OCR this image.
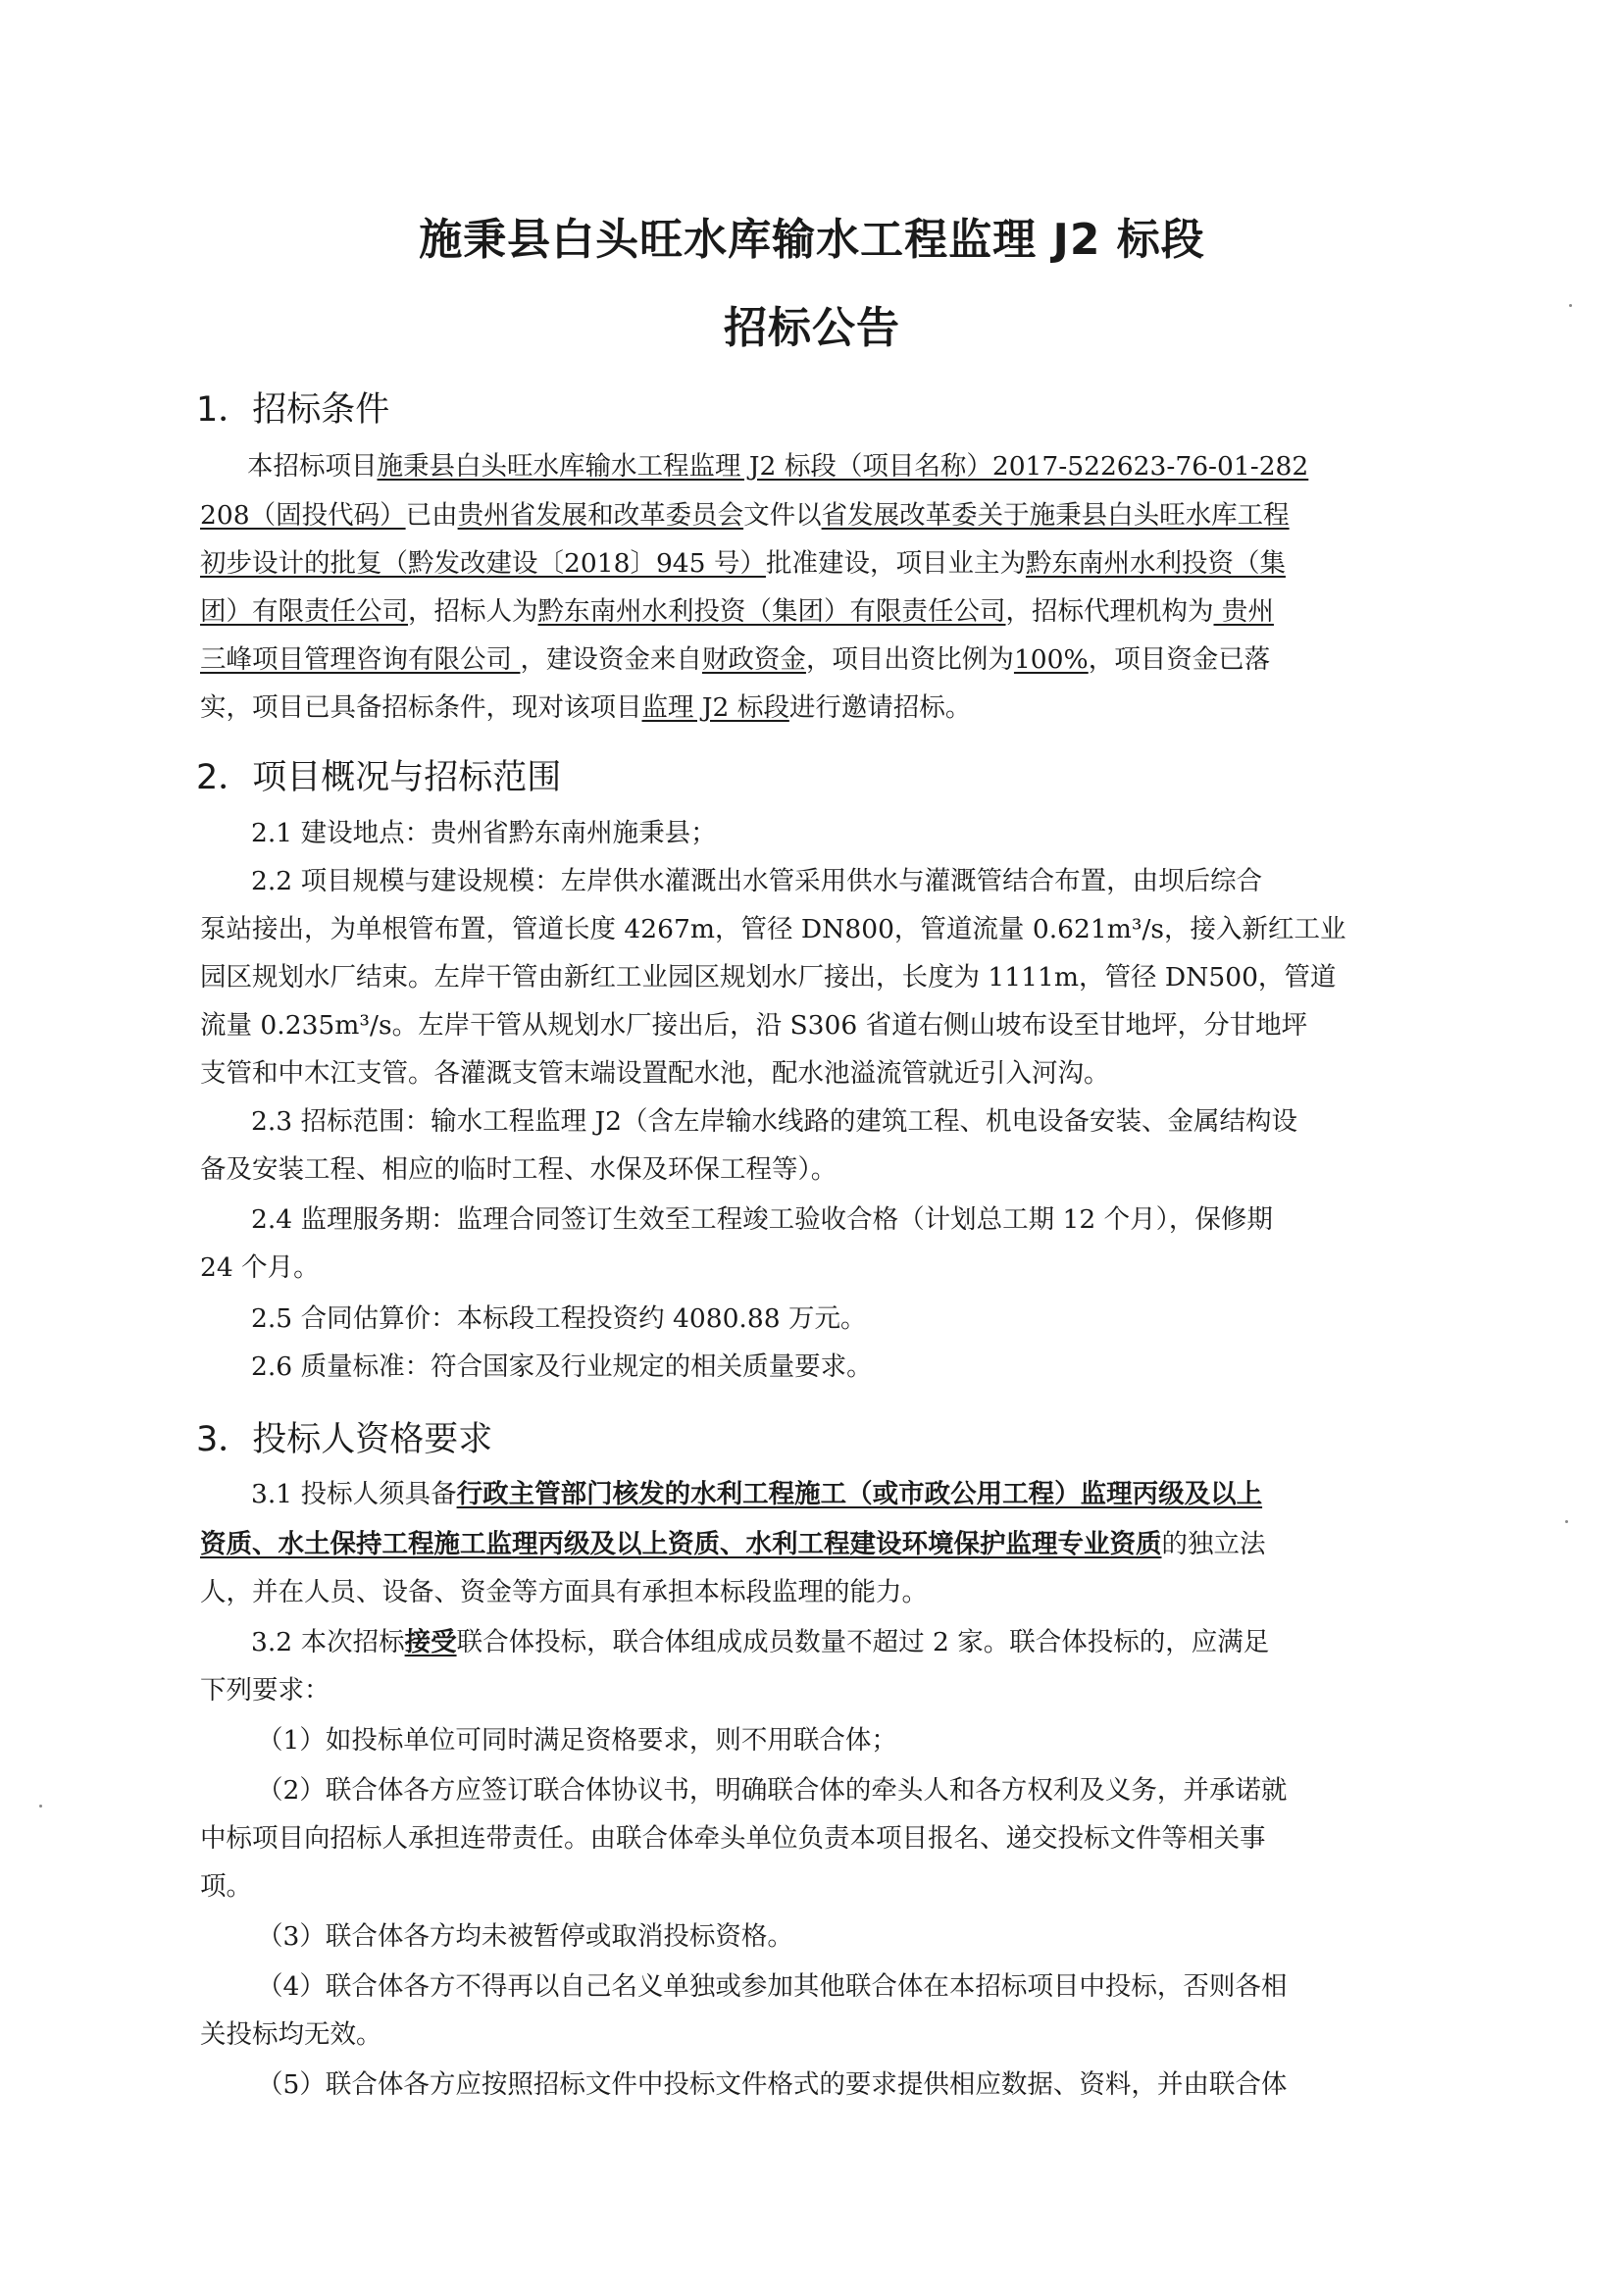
施秉县白头旺水库输水工程监理 J2 标段
招标公告
1．招标条件
本招标项目施秉县白头旺水库输水工程监理 J2 标段（项目名称）2017-522623-76-01-282
208（固投代码）已由贵州省发展和改革委员会文件以省发展改革委关于施秉县白头旺水库工程
初步设计的批复（黔发改建设〔2018〕945 号）批准建设，项目业主为黔东南州水利投资（集
团）有限责任公司，招标人为黔东南州水利投资（集团）有限责任公司，招标代理机构为 贵州
三峰项目管理咨询有限公司 ，建设资金来自财政资金，项目出资比例为100%，项目资金已落
实，项目已具备招标条件，现对该项目监理 J2 标段进行邀请招标。
2．项目概况与招标范围
2.1 建设地点：贵州省黔东南州施秉县；
2.2 项目规模与建设规模：左岸供水灌溉出水管采用供水与灌溉管结合布置，由坝后综合
泵站接出，为单根管布置，管道长度 4267m，管径 DN800，管道流量 0.621m³/s，接入新红工业
园区规划水厂结束。左岸干管由新红工业园区规划水厂接出，长度为 1111m，管径 DN500，管道
流量 0.235m³/s。左岸干管从规划水厂接出后，沿 S306 省道右侧山坡布设至甘地坪，分甘地坪
支管和中木江支管。各灌溉支管末端设置配水池，配水池溢流管就近引入河沟。
2.3 招标范围：输水工程监理 J2（含左岸输水线路的建筑工程、机电设备安装、金属结构设
备及安装工程、相应的临时工程、水保及环保工程等）。
2.4 监理服务期：监理合同签订生效至工程竣工验收合格（计划总工期 12 个月），保修期
24 个月。
2.5 合同估算价：本标段工程投资约 4080.88 万元。
2.6 质量标准：符合国家及行业规定的相关质量要求。
3．投标人资格要求
3.1 投标人须具备行政主管部门核发的水利工程施工（或市政公用工程）监理丙级及以上
资质、水土保持工程施工监理丙级及以上资质、水利工程建设环境保护监理专业资质的独立法
人，并在人员、设备、资金等方面具有承担本标段监理的能力。
3.2 本次招标接受联合体投标，联合体组成成员数量不超过 2 家。联合体投标的，应满足
下列要求：
（1）如投标单位可同时满足资格要求，则不用联合体；
（2）联合体各方应签订联合体协议书，明确联合体的牵头人和各方权利及义务，并承诺就
中标项目向招标人承担连带责任。由联合体牵头单位负责本项目报名、递交投标文件等相关事
项。
（3）联合体各方均未被暂停或取消投标资格。
（4）联合体各方不得再以自己名义单独或参加其他联合体在本招标项目中投标，否则各相
关投标均无效。
（5）联合体各方应按照招标文件中投标文件格式的要求提供相应数据、资料，并由联合体
